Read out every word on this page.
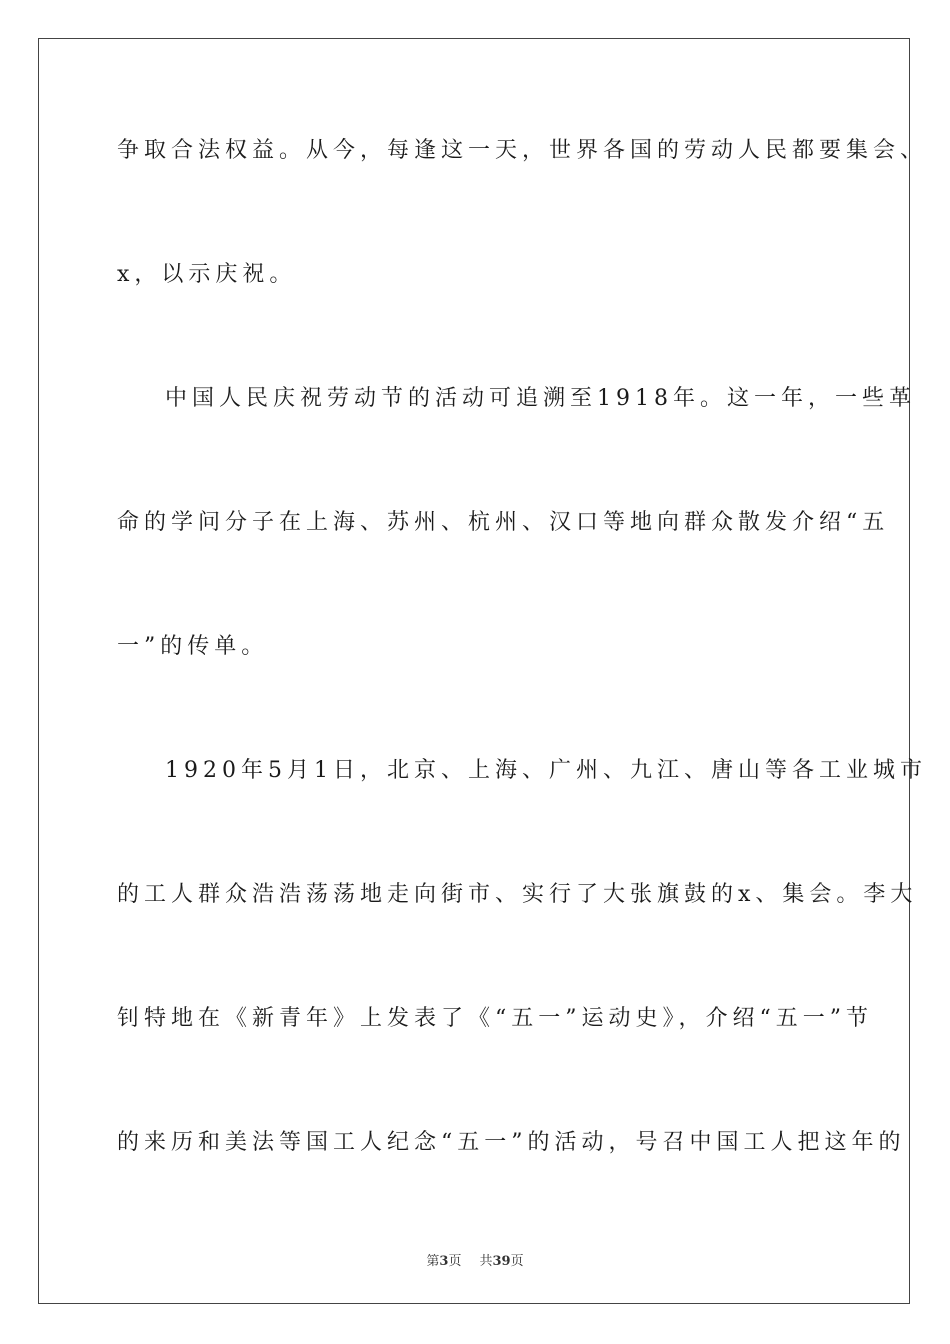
争取合法权益。从今，每逢这一天，世界各国的劳动人民都要集会、
x，以示庆祝。
中国人民庆祝劳动节的活动可追溯至1918年。这一年，一些革
命的学问分子在上海、苏州、杭州、汉口等地向群众散发介绍“五
一”的传单。
1920年5月1日，北京、上海、广州、九江、唐山等各工业城市
的工人群众浩浩荡荡地走向街市、实行了大张旗鼓的x、集会。李大
钊特地在《新青年》上发表了《“五一”运动史》，介绍“五一”节
的来历和美法等国工人纪念“五一”的活动，号召中国工人把这年的
第3页 共39页
